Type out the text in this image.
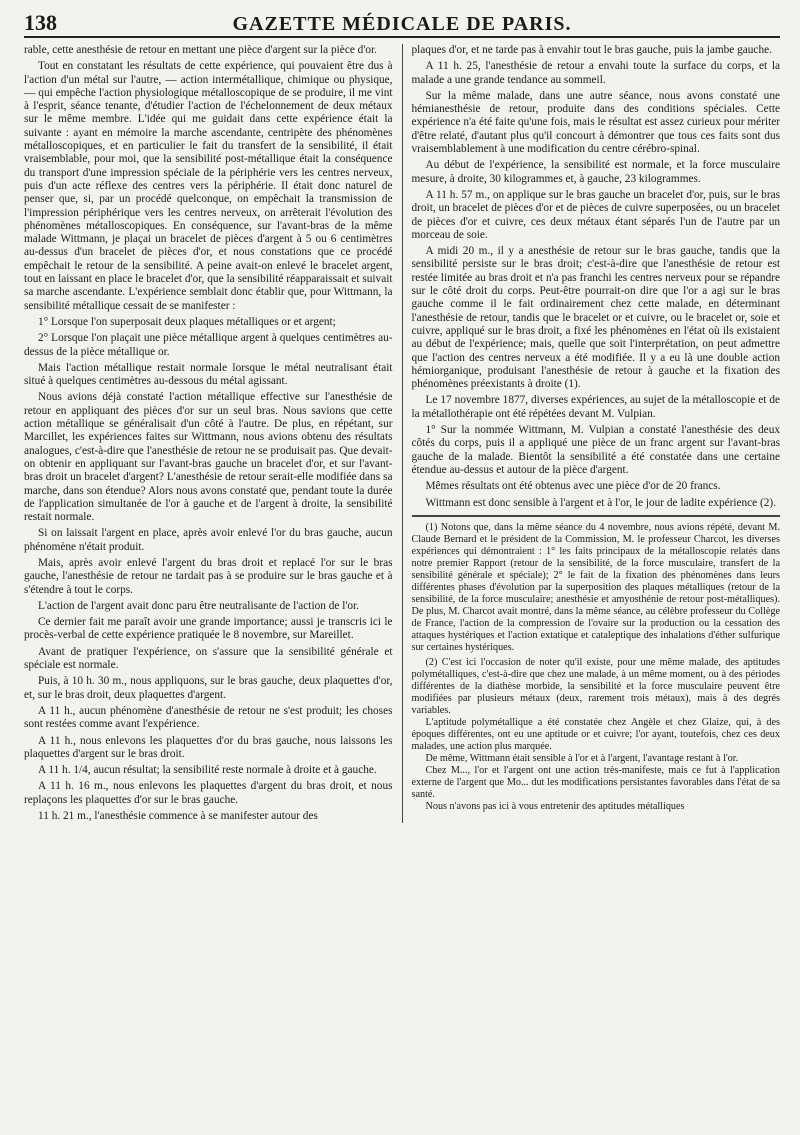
138	GAZETTE MÉDICALE DE PARIS.

rable, cette anesthésie de retour en mettant une pièce d'argent sur la pièce d'or.

Tout en constatant les résultats de cette expérience, qui pouvaient être dus à l'action d'un métal sur l'autre, — action intermétallique, chimique ou physique, — qui empêche l'action physiologique métalloscopique de se produire, il me vint à l'esprit, séance tenante, d'étudier l'action de l'échelonnement de deux métaux sur le même membre. L'idée qui me guidait dans cette expérience était la suivante : ayant en mémoire la marche ascendante, centripète des phénomènes métalloscopiques, et en particulier le fait du transfert de la sensibilité, il était vraisemblable, pour moi, que la sensibilité post-métallique était la conséquence du transport d'une impression spéciale de la périphérie vers les centres nerveux, puis d'un acte réflexe des centres vers la périphérie. Il était donc naturel de penser que, si, par un procédé quelconque, on empêchait la transmission de l'impression périphérique vers les centres nerveux, on arrêterait l'évolution des phénomènes métalloscopiques. En conséquence, sur l'avant-bras de la même malade Wittmann, je plaçai un bracelet de pièces d'argent à 5 ou 6 centimètres au-dessus d'un bracelet de pièces d'or, et nous constations que ce procédé empêchait le retour de la sensibilité. A peine avait-on enlevé le bracelet argent, tout en laissant en place le bracelet d'or, que la sensibilité réapparaissait et suivait sa marche ascendante. L'expérience semblait donc établir que, pour Wittmann, la sensibilité métallique cessait de se manifester :

1° Lorsque l'on superposait deux plaques métalliques or et argent;

2° Lorsque l'on plaçait une pièce métallique argent à quelques centimètres au-dessus de la pièce métallique or.

Mais l'action métallique restait normale lorsque le métal neutralisant était situé à quelques centimètres au-dessous du métal agissant.

Nous avions déjà constaté l'action métallique effective sur l'anesthésie de retour en appliquant des pièces d'or sur un seul bras. Nous savions que cette action métallique se généralisait d'un côté à l'autre. De plus, en répétant, sur Marcillet, les expériences faites sur Wittmann, nous avions obtenu des résultats analogues, c'est-à-dire que l'anesthésie de retour ne se produisait pas. Que devait-on obtenir en appliquant sur l'avant-bras gauche un bracelet d'or, et sur l'avant-bras droit un bracelet d'argent? L'anesthésie de retour serait-elle modifiée dans sa marche, dans son étendue? Alors nous avons constaté que, pendant toute la durée de l'application simultanée de l'or à gauche et de l'argent à droite, la sensibilité restait normale.

Si on laissait l'argent en place, après avoir enlevé l'or du bras gauche, aucun phénomène n'était produit.

Mais, après avoir enlevé l'argent du bras droit et replacé l'or sur le bras gauche, l'anesthésie de retour ne tardait pas à se produire sur le bras gauche et à s'étendre à tout le corps.

L'action de l'argent avait donc paru être neutralisante de l'action de l'or.

Ce dernier fait me paraît avoir une grande importance; aussi je transcris ici le procès-verbal de cette expérience pratiquée le 8 novembre, sur Mareillet.

Avant de pratiquer l'expérience, on s'assure que la sensibilité générale et spéciale est normale.

Puis, à 10 h. 30 m., nous appliquons, sur le bras gauche, deux plaquettes d'or, et, sur le bras droit, deux plaquettes d'argent.

A 11 h., aucun phénomène d'anesthésie de retour ne s'est produit; les choses sont restées comme avant l'expérience.

A 11 h., nous enlevons les plaquettes d'or du bras gauche, nous laissons les plaquettes d'argent sur le bras droit.

A 11 h. 1/4, aucun résultat; la sensibilité reste normale à droite et à gauche.

A 11 h. 16 m., nous enlevons les plaquettes d'argent du bras droit, et nous replaçons les plaquettes d'or sur le bras gauche.

11 h. 21 m., l'anesthésie commence à se manifester autour des

plaques d'or, et ne tarde pas à envahir tout le bras gauche, puis la jambe gauche.

A 11 h. 25, l'anesthésie de retour a envahi toute la surface du corps, et la malade a une grande tendance au sommeil.

Sur la même malade, dans une autre séance, nous avons constaté une hémianesthésie de retour, produite dans des conditions spéciales. Cette expérience n'a été faite qu'une fois, mais le résultat est assez curieux pour mériter d'être relaté, d'autant plus qu'il concourt à démontrer que tous ces faits sont dus vraisemblablement à une modification du centre cérébro-spinal.

Au début de l'expérience, la sensibilité est normale, et la force musculaire mesure, à droite, 30 kilogrammes et, à gauche, 23 kilogrammes.

A 11 h. 57 m., on applique sur le bras gauche un bracelet d'or, puis, sur le bras droit, un bracelet de pièces d'or et de pièces de cuivre superposées, ou un bracelet de pièces d'or et cuivre, ces deux métaux étant séparés l'un de l'autre par un morceau de soie.

A midi 20 m., il y a anesthésie de retour sur le bras gauche, tandis que la sensibilité persiste sur le bras droit; c'est-à-dire que l'anesthésie de retour est restée limitée au bras droit et n'a pas franchi les centres nerveux pour se répandre sur le côté droit du corps. Peut-être pourrait-on dire que l'or a agi sur le bras gauche comme il le fait ordinairement chez cette malade, en déterminant l'anesthésie de retour, tandis que le bracelet or et cuivre, ou le bracelet or, soie et cuivre, appliqué sur le bras droit, a fixé les phénomènes en l'état où ils existaient au début de l'expérience; mais, quelle que soit l'interprétation, on peut admettre que l'action des centres nerveux a été modifiée. Il y a eu là une double action hémiorganique, produisant l'anesthésie de retour à gauche et la fixation des phénomènes préexistants à droite (1).

Le 17 novembre 1877, diverses expériences, au sujet de la métalloscopie et de la métallothérapie ont été répétées devant M. Vulpian.

1° Sur la nommée Wittmann, M. Vulpian a constaté l'anesthésie des deux côtés du corps, puis il a appliqué une pièce de un franc argent sur l'avant-bras gauche de la malade. Bientôt la sensibilité a été constatée dans une certaine étendue au-dessus et autour de la pièce d'argent.

Mêmes résultats ont été obtenus avec une pièce d'or de 20 francs.

Wittmann est donc sensible à l'argent et à l'or, le jour de ladite expérience (2).

(1) Notons que, dans la même séance du 4 novembre, nous avions répété, devant M. Claude Bernard et le président de la Commission, M. le professeur Charcot, les diverses expériences qui démontraient : 1° les faits principaux de la métalloscopie relatés dans notre premier Rapport (retour de la sensibilité, de la force musculaire, transfert de la sensibilité générale et spéciale); 2° le fait de la fixation des phénomènes dans leurs différentes phases d'évolution par la superposition des plaques métalliques (retour de la sensibilité, de la force musculaire; anesthésie et amyosthénie de retour post-métalliques). De plus, M. Charcot avait montré, dans la même séance, au célèbre professeur du Collège de France, l'action de la compression de l'ovaire sur la production ou la cessation des attaques hystériques et l'action extatique et cataleptique des inhalations d'éther sulfurique sur certaines hystériques.

(2) C'est ici l'occasion de noter qu'il existe, pour une même malade, des aptitudes polymétalliques, c'est-à-dire que chez une malade, à un même moment, ou à des périodes différentes de la diathèse morbide, la sensibilité et la force musculaire peuvent être modifiées par plusieurs métaux (deux, rarement trois métaux), mais à des degrés variables.

L'aptitude polymétallique a été constatée chez Angèle et chez Glaize, qui, à des époques différentes, ont eu une aptitude or et cuivre; l'or ayant, toutefois, chez ces deux malades, une action plus marquée.

De même, Wittmann était sensible à l'or et à l'argent, l'avantage restant à l'or.

Chez M..., l'or et l'argent ont une action très-manifeste, mais ce fut à l'application externe de l'argent que Mo... dut les modifications persistantes favorables dans l'état de sa santé.

Nous n'avons pas ici à vous entretenir des aptitudes métalliques
